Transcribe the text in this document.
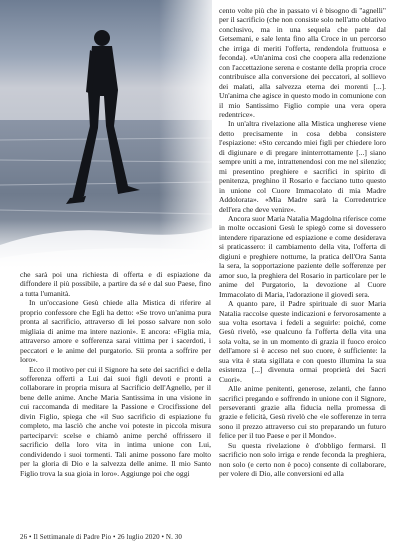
cento volte più che in passato vi è bisogno di "agnelli" per il sacrificio (che non consiste solo nell'atto oblativo conclusivo, ma in una sequela che parte dal Getsemani, e sale lenta fino alla Croce in un percorso che irriga di meriti l'offerta, rendendola fruttuosa e feconda). «Un'anima così che coopera alla redenzione con l'accettazione serena e costante della propria croce contribuisce alla conversione dei peccatori, al sollievo dei malati, alla salvezza eterna dei morenti [...]. Un'anima che agisce in questo modo in comunione con il mio Santissimo Figlio compie una vera opera redentrice».

In un'altra rivelazione alla Mistica ungherese viene detto precisamente in cosa debba consistere l'espiazione: «Sto cercando miei figli per chiedere loro di digiunare e di pregare ininterrottamente [...] siano sempre uniti a me, intrattenendosi con me nel silenzio; mi presentino preghiere e sacrifici in spirito di penitenza, preghino il Rosario e facciano tutto questo in unione col Cuore Immacolato di mia Madre Addolorata». «Mia Madre sarà la Corredentrice dell'era che deve venire».

Ancora suor Maria Natalia Magdolna riferisce come in molte occasioni Gesù le spiegò come si dovessero intendere riparazione ed espiazione e come desiderava si praticassero: il cambiamento della vita, l'offerta di digiuni e preghiere notturne, la pratica dell'Ora Santa la sera, la sopportazione paziente delle sofferenze per amor suo, la preghiera del Rosario in particolare per le anime del Purgatorio, la devozione al Cuore Immacolato di Maria, l'adorazione il giovedì sera.

A quanto pare, il Padre spirituale di suor Maria Natalia raccolse queste indicazioni e fervorosamente a sua volta esortava i fedeli a seguirle: poiché, come Gesù rivelò, «se qualcuno fa l'offerta della vita una sola volta, se in un momento di grazia il fuoco eroico dell'amore si è acceso nel suo cuore, è sufficiente: la sua vita è stata sigillata e con questo illumina la sua esistenza [...] divenuta ormai proprietà dei Sacri Cuori».

Alle anime penitenti, generose, zelanti, che fanno sacrifici pregando e soffrendo in unione con il Signore, perseveranti grazie alla fiducia nella promessa di grazie e felicità, Gesù rivelò che «le sofferenze in terra sono il prezzo attraverso cui sto preparando un futuro felice per il tuo Paese e per il Mondo».

Su questa rivelazione è d'obbligo fermarsi. Il sacrificio non solo irriga e rende feconda la preghiera, non solo (e certo non è poco) consente di collaborare, per volere di Dio, alle conversioni ed alla

che sarà poi una richiesta di offerta e di espiazione da diffondere il più possibile, a partire da sé e dal suo Paese, fino a tutta l'umanità.

In un'occasione Gesù chiede alla Mistica di riferire al proprio confessore che Egli ha detto: «Se trovo un'anima pura pronta al sacrificio, attraverso di lei posso salvare non solo migliaia di anime ma intere nazioni». E ancora: «Figlia mia, attraverso amore e sofferenza sarai vittima per i sacerdoti, i peccatori e le anime del purgatorio. Sii pronta a soffrire per loro».

Ecco il motivo per cui il Signore ha sete dei sacrifici e della sofferenza offerti a Lui dai suoi figli devoti e pronti a collaborare in propria misura al Sacrificio dell'Agnello, per il bene delle anime. Anche Maria Santissima in una visione in cui raccomanda di meditare la Passione e Crocifissione del divin Figlio, spiega che «il Suo sacrificio di espiazione fu completo, ma lasciò che anche voi poteste in piccola misura parteciparvi: scelse e chiamò anime perché offrissero il sacrificio della loro vita in intima unione con Lui, condividendo i suoi tormenti. Tali anime possono fare molto per la gloria di Dio e la salvezza delle anime. Il mio Santo Figlio trova la sua gioia in loro». Aggiunge poi che oggi

26 • Il Settimanale di Padre Pio • 26 luglio 2020 • N. 30
